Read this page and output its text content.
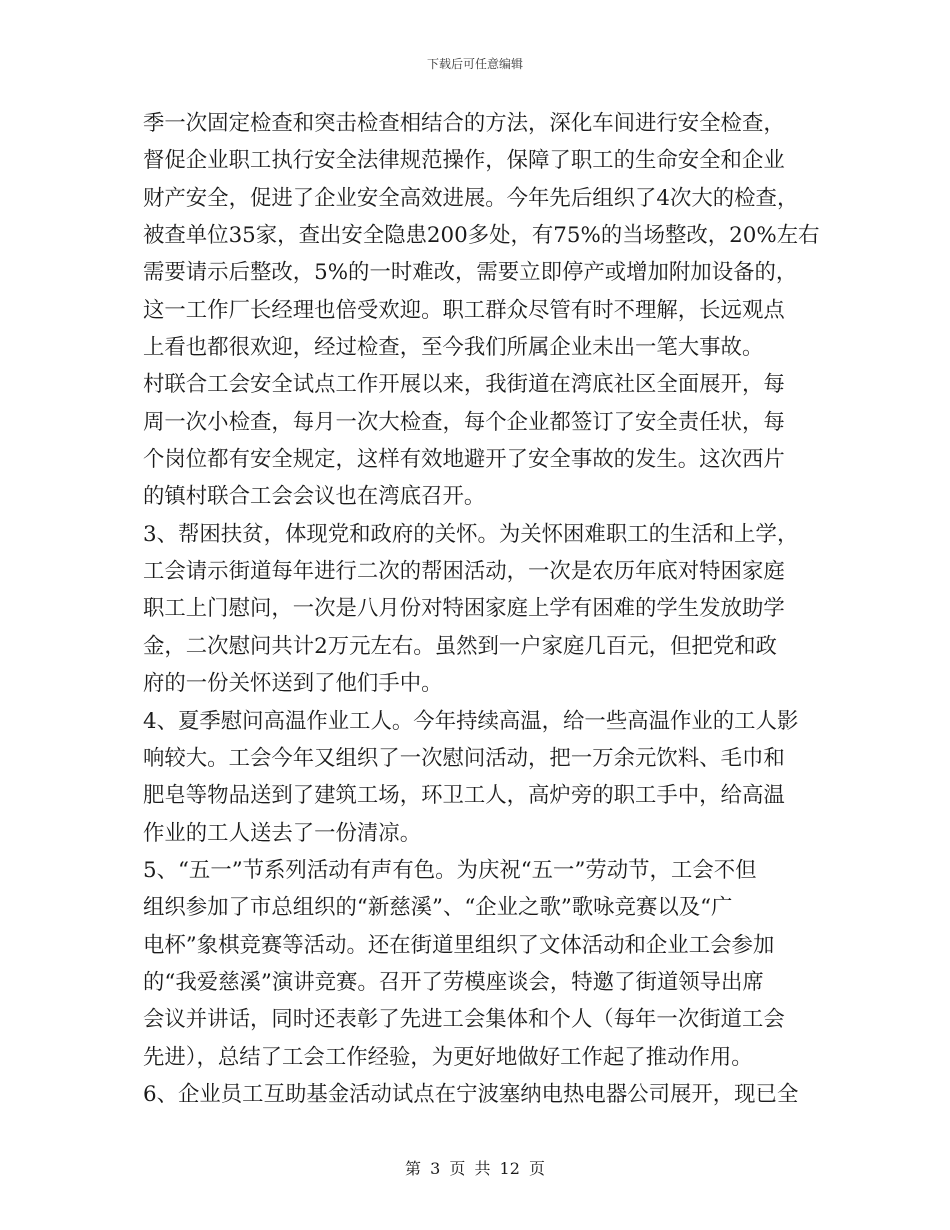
下载后可任意编辑
季一次固定检查和突击检查相结合的方法，深化车间进行安全检查，
督促企业职工执行安全法律规范操作，保障了职工的生命安全和企业
财产安全，促进了企业安全高效进展。今年先后组织了4次大的检查，
被查单位35家，查出安全隐患200多处，有75%的当场整改，20%左右
需要请示后整改，5%的一时难改，需要立即停产或增加附加设备的，
这一工作厂长经理也倍受欢迎。职工群众尽管有时不理解，长远观点
上看也都很欢迎，经过检查，至今我们所属企业未出一笔大事故。
村联合工会安全试点工作开展以来，我街道在湾底社区全面展开，每
周一次小检查，每月一次大检查，每个企业都签订了安全责任状，每
个岗位都有安全规定，这样有效地避开了安全事故的发生。这次西片
的镇村联合工会会议也在湾底召开。
3、帮困扶贫，体现党和政府的关怀。为关怀困难职工的生活和上学，
工会请示街道每年进行二次的帮困活动，一次是农历年底对特困家庭
职工上门慰问，一次是八月份对特困家庭上学有困难的学生发放助学
金，二次慰问共计2万元左右。虽然到一户家庭几百元，但把党和政
府的一份关怀送到了他们手中。
4、夏季慰问高温作业工人。今年持续高温，给一些高温作业的工人影
响较大。工会今年又组织了一次慰问活动，把一万余元饮料、毛巾和
肥皂等物品送到了建筑工场，环卫工人，高炉旁的职工手中，给高温
作业的工人送去了一份清凉。
5、“五一”节系列活动有声有色。为庆祝“五一”劳动节，工会不但
组织参加了市总组织的“新慈溪”、“企业之歌”歌咏竞赛以及“广
电杯”象棋竞赛等活动。还在街道里组织了文体活动和企业工会参加
的“我爱慈溪”演讲竞赛。召开了劳模座谈会，特邀了街道领导出席
会议并讲话，同时还表彰了先进工会集体和个人（每年一次街道工会
先进），总结了工会工作经验，为更好地做好工作起了推动作用。
6、企业员工互助基金活动试点在宁波塞纳电热电器公司展开，现已全
第 3 页 共 12 页
